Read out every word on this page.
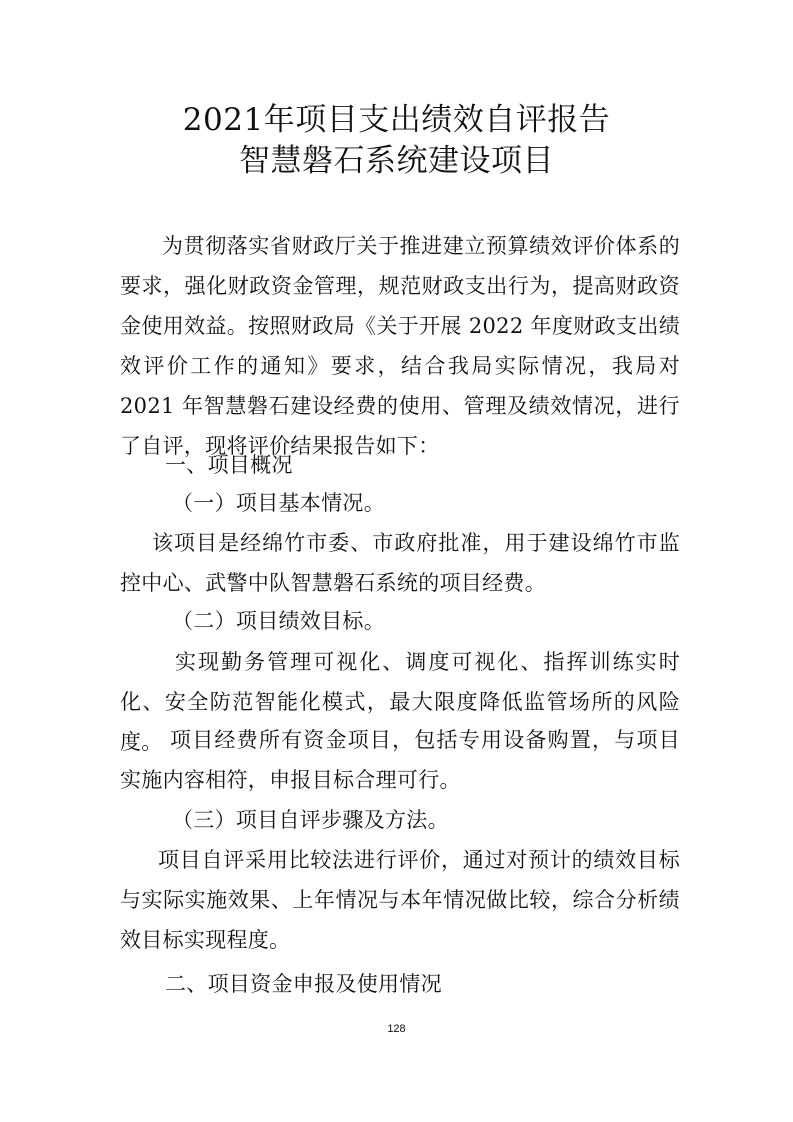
2021年项目支出绩效自评报告
智慧磐石系统建设项目
为贯彻落实省财政厅关于推进建立预算绩效评价体系的要求，强化财政资金管理，规范财政支出行为，提高财政资金使用效益。按照财政局《关于开展 2022 年度财政支出绩效评价工作的通知》要求，结合我局实际情况，我局对 2021 年智慧磐石建设经费的使用、管理及绩效情况，进行了自评，现将评价结果报告如下：
一、项目概况
（一）项目基本情况。
该项目是经绵竹市委、市政府批准，用于建设绵竹市监控中心、武警中队智慧磐石系统的项目经费。
（二）项目绩效目标。
实现勤务管理可视化、调度可视化、指挥训练实时化、安全防范智能化模式，最大限度降低监管场所的风险度。 项目经费所有资金项目，包括专用设备购置，与项目实施内容相符，申报目标合理可行。
（三）项目自评步骤及方法。
项目自评采用比较法进行评价，通过对预计的绩效目标与实际实施效果、上年情况与本年情况做比较，综合分析绩效目标实现程度。
二、项目资金申报及使用情况
128
